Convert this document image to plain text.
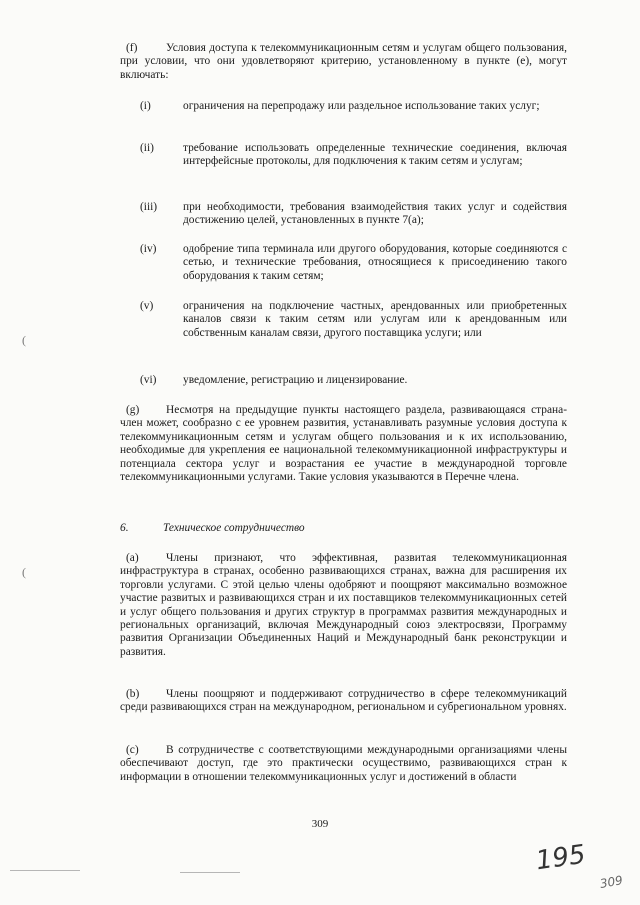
(f)	Условия доступа к телекоммуникационным сетям и услугам общего пользования, при условии, что они удовлетворяют критерию, установленному в пункте (е), могут включать:
(i)	ограничения на перепродажу или раздельное использование таких услуг;
(ii)	требование использовать определенные технические соединения, включая интерфейсные протоколы, для подключения к таким сетям и услугам;
(iii)	при необходимости, требования взаимодействия таких услуг и содействия достижению целей, установленных в пункте 7(а);
(iv)	одобрение типа терминала или другого оборудования, которые соединяются с сетью, и технические требования, относящиеся к присоединению такого оборудования к таким сетям;
(v)	ограничения на подключение частных, арендованных или приобретенных каналов связи к таким сетям или услугам или к арендованным или собственным каналам связи, другого поставщика услуги; или
(vi)	уведомление, регистрацию и лицензирование.
(g) Несмотря на предыдущие пункты настоящего раздела, развивающаяся страна-член может, сообразно с ее уровнем развития, устанавливать разумные условия доступа к телекоммуникационным сетям и услугам общего пользования и к их использованию, необходимые для укрепления ее национальной телекоммуникационной инфраструктуры и потенциала сектора услуг и возрастания ее участие в международной торговле телекоммуникационными услугами. Такие условия указываются в Перечне члена.
6.	Техническое сотрудничество
(a) Члены признают, что эффективная, развитая телекоммуникационная инфраструктура в странах, особенно развивающихся странах, важна для расширения их торговли услугами. С этой целью члены одобряют и поощряют максимально возможное участие развитых и развивающихся стран и их поставщиков телекоммуникационных сетей и услуг общего пользования и других структур в программах развития международных и региональных организаций, включая Международный союз электросвязи, Программу развития Организации Объединенных Наций и Международный банк реконструкции и развития.
(b) Члены поощряют и поддерживают сотрудничество в сфере телекоммуникаций среди развивающихся стран на международном, региональном и субрегиональном уровнях.
(c) В сотрудничестве с соответствующими международными организациями члены обеспечивают доступ, где это практически осуществимо, развивающихся стран к информации в отношении телекоммуникационных услуг и достижений в области
309
195
309
(
(
